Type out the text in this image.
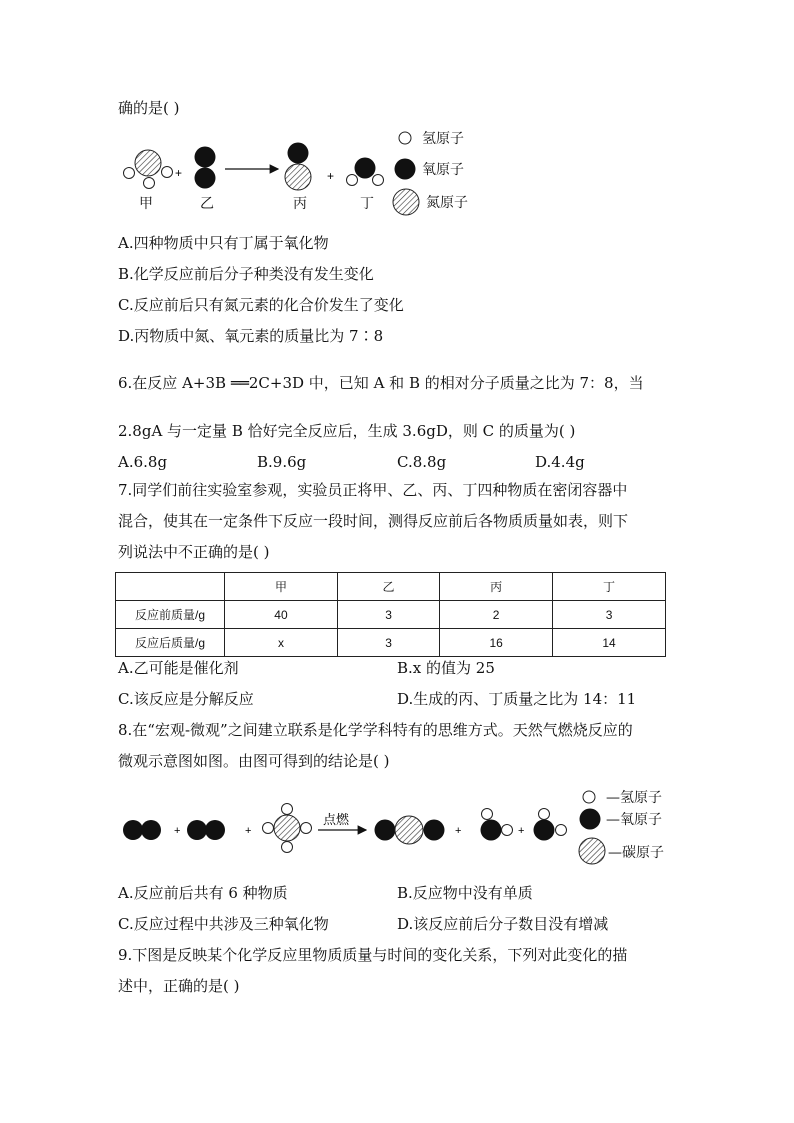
确的是( )
+	+
甲	乙	丙	丁
氢原子
氧原子
氮原子
A.四种物质中只有丁属于氧化物
B.化学反应前后分子种类没有发生变化
C.反应前后只有氮元素的化合价发生了变化
D.丙物质中氮、氧元素的质量比为 7∶8
6.在反应 A+3B ══2C+3D 中，已知 A 和 B 的相对分子质量之比为 7：8，当
2.8gA 与一定量 B 恰好完全反应后，生成 3.6gD，则 C 的质量为( )
A.6.8g	B.9.6g	C.8.8g	D.4.4g
7.同学们前往实验室参观，实验员正将甲、乙、丙、丁四种物质在密闭容器中
混合，使其在一定条件下反应一段时间，测得反应前后各物质质量如表，则下
列说法中不正确的是( )
	甲	乙	丙	丁
反应前质量/g	40	3	2	3
反应后质量/g	x	3	16	14
A.乙可能是催化剂	B.x 的值为 25
C.该反应是分解反应	D.生成的丙、丁质量之比为 14：11
8.在“宏观-微观”之间建立联系是化学学科特有的思维方式。天然气燃烧反应的
微观示意图如图。由图可得到的结论是( )
+	+
点燃
+	+
—氢原子
—氧原子
—碳原子
A.反应前后共有 6 种物质	B.反应物中没有单质
C.反应过程中共涉及三种氧化物	D.该反应前后分子数目没有增减
9.下图是反映某个化学反应里物质质量与时间的变化关系，下列对此变化的描
述中，正确的是( )
